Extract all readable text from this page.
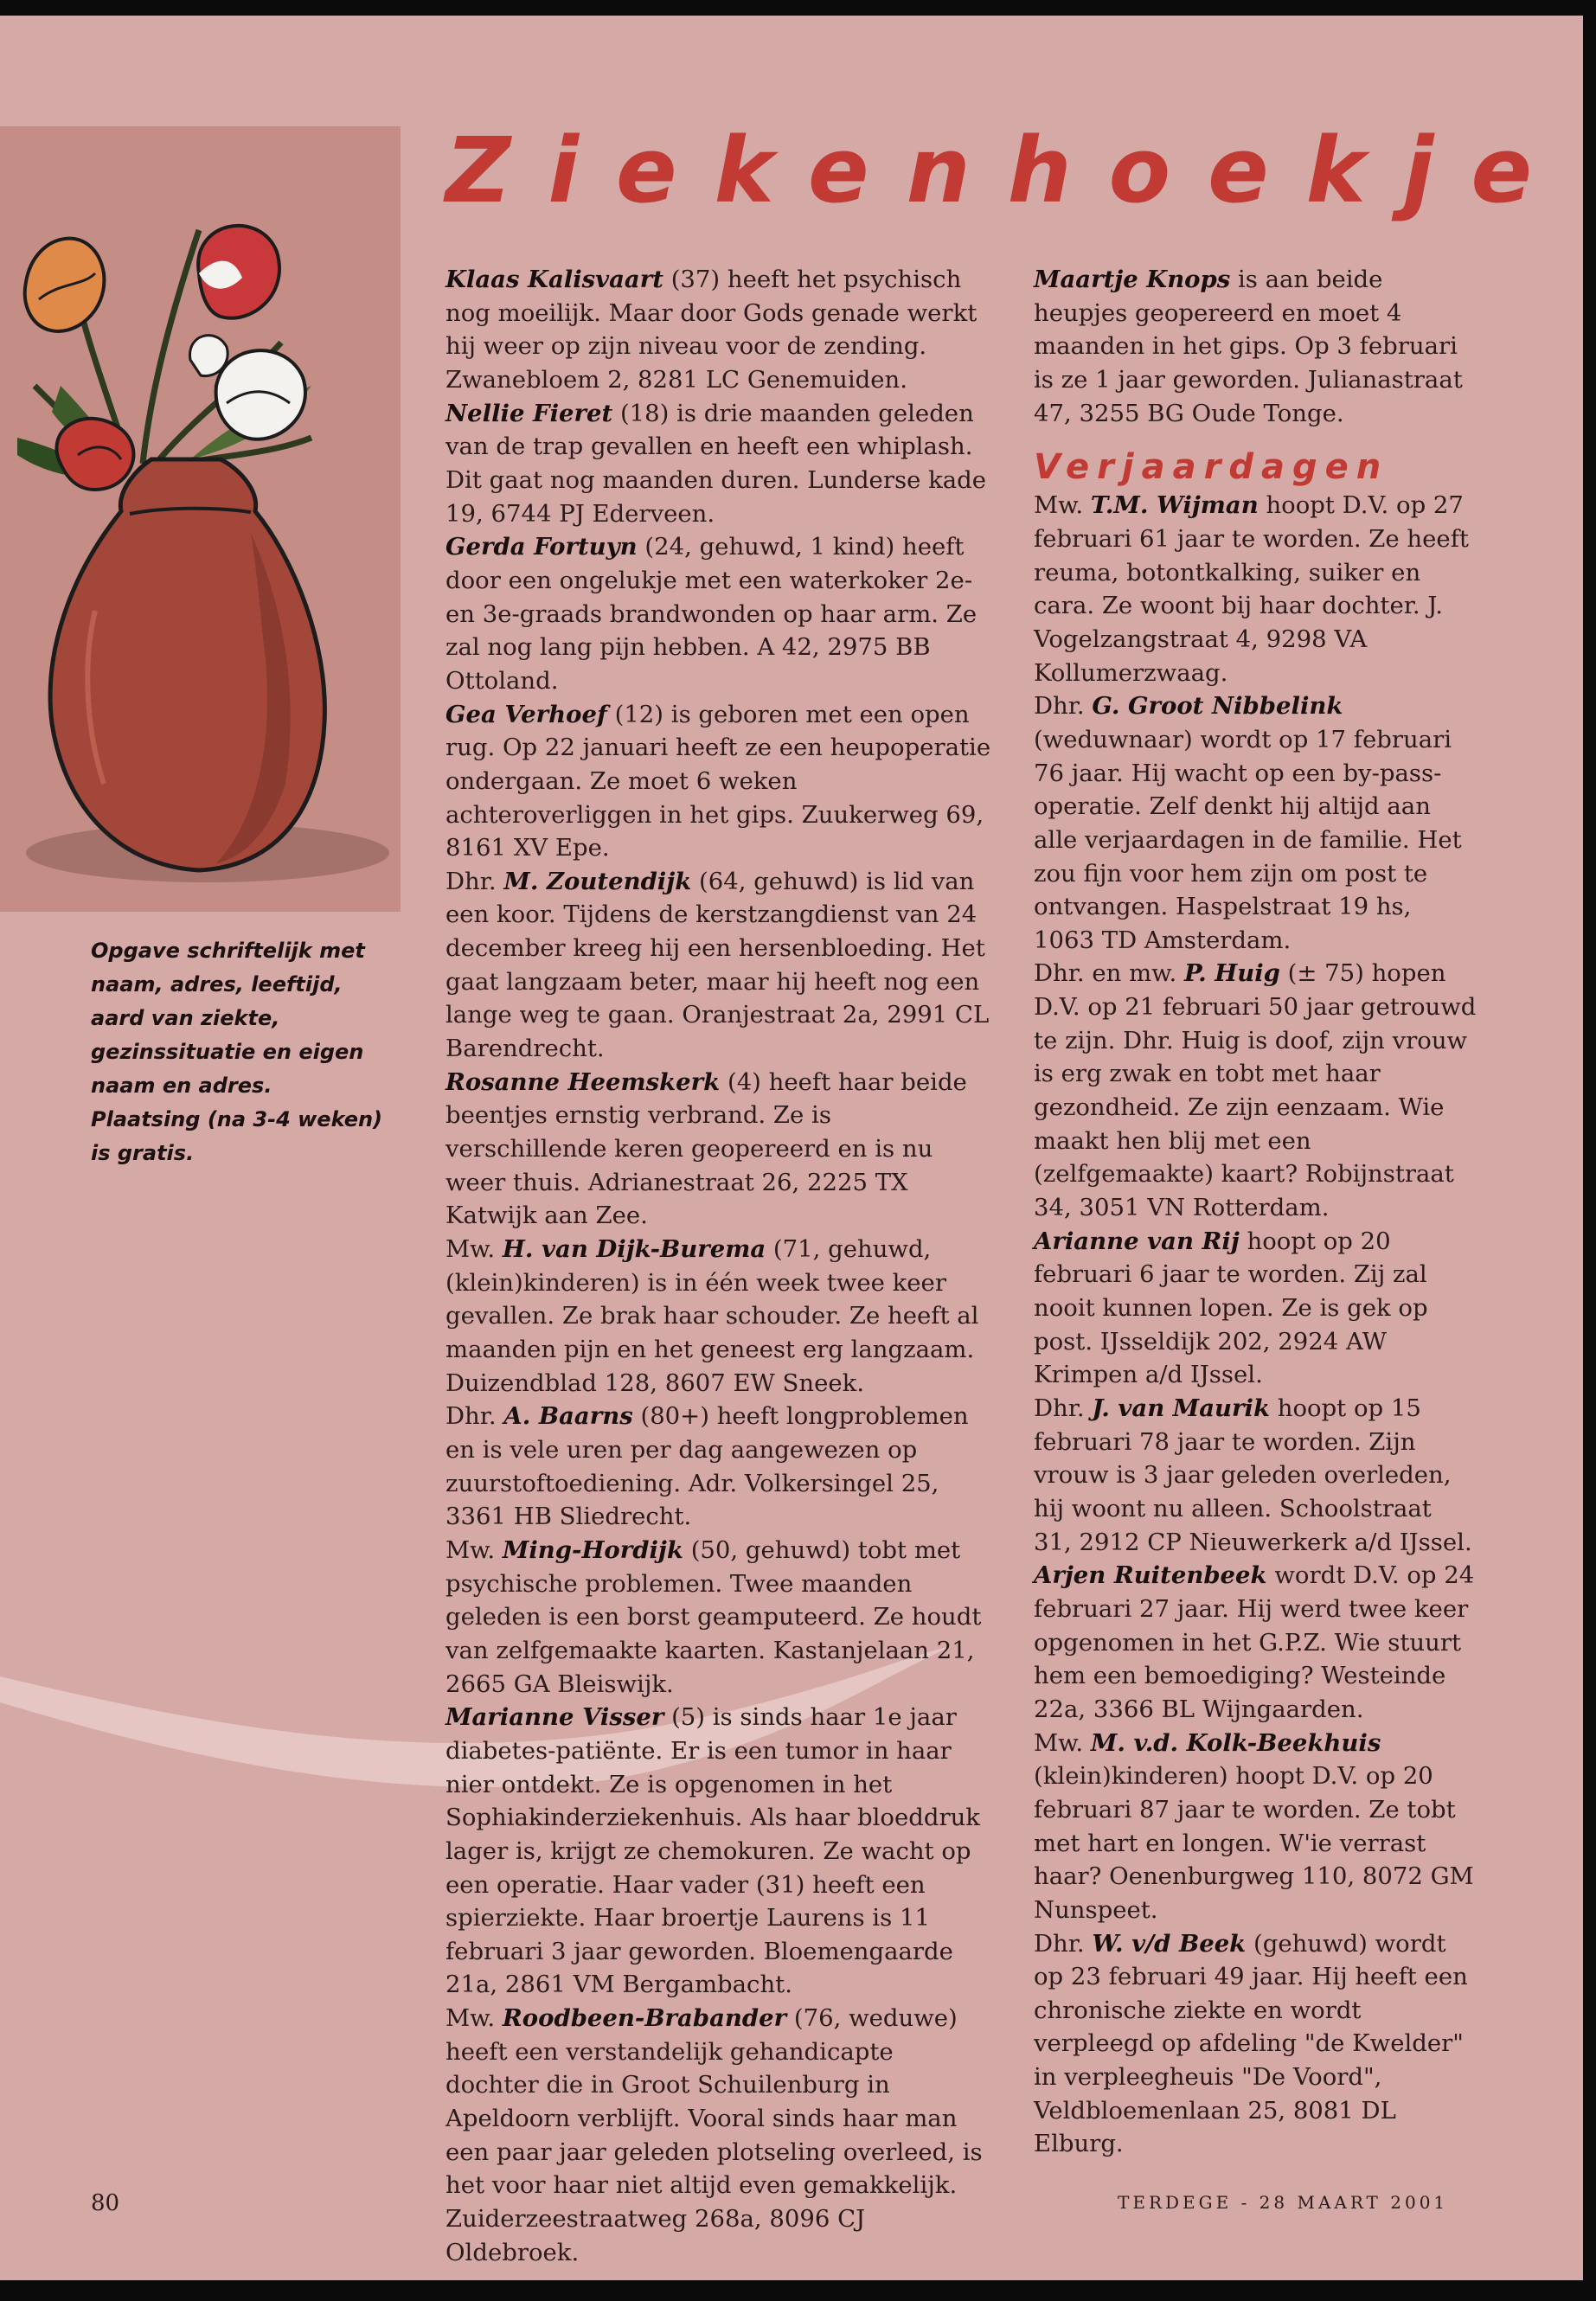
Ziekenhoekje

Opgave schriftelijk met naam, adres, leeftijd, aard van ziekte, gezinssituatie en eigen naam en adres. Plaatsing (na 3-4 weken) is gratis.

Klaas Kalisvaart (37) heeft het psychisch nog moeilijk. Maar door Gods genade werkt hij weer op zijn niveau voor de zending. Zwanebloem 2, 8281 LC Genemuiden.

Nellie Fieret (18) is drie maanden geleden van de trap gevallen en heeft een whiplash. Dit gaat nog maanden duren. Lunderse kade 19, 6744 PJ Ederveen.

Gerda Fortuyn (24, gehuwd, 1 kind) heeft door een ongelukje met een waterkoker 2e- en 3e-graads brandwonden op haar arm. Ze zal nog lang pijn hebben. A 42, 2975 BB Ottoland.

Gea Verhoef (12) is geboren met een open rug. Op 22 januari heeft ze een heupoperatie ondergaan. Ze moet 6 weken achteroverliggen in het gips. Zuukerweg 69, 8161 XV Epe.

Dhr. M. Zoutendijk (64, gehuwd) is lid van een koor. Tijdens de kerstzangdienst van 24 december kreeg hij een hersenbloeding. Het gaat langzaam beter, maar hij heeft nog een lange weg te gaan. Oranjestraat 2a, 2991 CL Barendrecht.

Rosanne Heemskerk (4) heeft haar beide beentjes ernstig verbrand. Ze is verschillende keren geopereerd en is nu weer thuis. Adrianestraat 26, 2225 TX Katwijk aan Zee.

Mw. H. van Dijk-Burema (71, gehuwd, (klein)kinderen) is in één week twee keer gevallen. Ze brak haar schouder. Ze heeft al maanden pijn en het geneest erg langzaam. Duizendblad 128, 8607 EW Sneek.

Dhr. A. Baarns (80+) heeft longproblemen en is vele uren per dag aangewezen op zuurstoftoediening. Adr. Volkersingel 25, 3361 HB Sliedrecht.

Mw. Ming-Hordijk (50, gehuwd) tobt met psychische problemen. Twee maanden geleden is een borst geamputeerd. Ze houdt van zelfgemaakte kaarten. Kastanjelaan 21, 2665 GA Bleiswijk.

Marianne Visser (5) is sinds haar 1e jaar diabetes-patiënte. Er is een tumor in haar nier ontdekt. Ze is opgenomen in het Sophiakinderziekenhuis. Als haar bloeddruk lager is, krijgt ze chemokuren. Ze wacht op een operatie. Haar vader (31) heeft een spierziekte. Haar broertje Laurens is 11 februari 3 jaar geworden. Bloemengaarde 21a, 2861 VM Bergambacht.

Mw. Roodbeen-Brabander (76, weduwe) heeft een verstandelijk gehandicapte dochter die in Groot Schuilenburg in Apeldoorn verblijft. Vooral sinds haar man een paar jaar geleden plotseling overleed, is het voor haar niet altijd even gemakkelijk. Zuiderzeestraatweg 268a, 8096 CJ Oldebroek.

Maartje Knops is aan beide heupjes geopereerd en moet 4 maanden in het gips. Op 3 februari is ze 1 jaar geworden. Julianastraat 47, 3255 BG Oude Tonge.

Verjaardagen

Mw. T.M. Wijman hoopt D.V. op 27 februari 61 jaar te worden. Ze heeft reuma, botontkalking, suiker en cara. Ze woont bij haar dochter. J. Vogelzangstraat 4, 9298 VA Kollumerzwaag.

Dhr. G. Groot Nibbelink (weduwnaar) wordt op 17 februari 76 jaar. Hij wacht op een by-pass-operatie. Zelf denkt hij altijd aan alle verjaardagen in de familie. Het zou fijn voor hem zijn om post te ontvangen. Haspelstraat 19 hs, 1063 TD Amsterdam.

Dhr. en mw. P. Huig (± 75) hopen D.V. op 21 februari 50 jaar getrouwd te zijn. Dhr. Huig is doof, zijn vrouw is erg zwak en tobt met haar gezondheid. Ze zijn eenzaam. Wie maakt hen blij met een (zelfgemaakte) kaart? Robijnstraat 34, 3051 VN Rotterdam.

Arianne van Rij hoopt op 20 februari 6 jaar te worden. Zij zal nooit kunnen lopen. Ze is gek op post. IJsseldijk 202, 2924 AW Krimpen a/d IJssel.

Dhr. J. van Maurik hoopt op 15 februari 78 jaar te worden. Zijn vrouw is 3 jaar geleden overleden, hij woont nu alleen. Schoolstraat 31, 2912 CP Nieuwerkerk a/d IJssel.

Arjen Ruitenbeek wordt D.V. op 24 februari 27 jaar. Hij werd twee keer opgenomen in het G.P.Z. Wie stuurt hem een bemoediging? Westeinde 22a, 3366 BL Wijngaarden.

Mw. M. v.d. Kolk-Beekhuis (klein)kinderen) hoopt D.V. op 20 februari 87 jaar te worden. Ze tobt met hart en longen. W'ie verrast haar? Oenenburgweg 110, 8072 GM Nunspeet.

Dhr. W. v/d Beek (gehuwd) wordt op 23 februari 49 jaar. Hij heeft een chronische ziekte en wordt verpleegd op afdeling "de Kwelder" in verpleegheuis "De Voord", Veldbloemenlaan 25, 8081 DL Elburg.

80	TERDEGE - 28 MAART 2001
